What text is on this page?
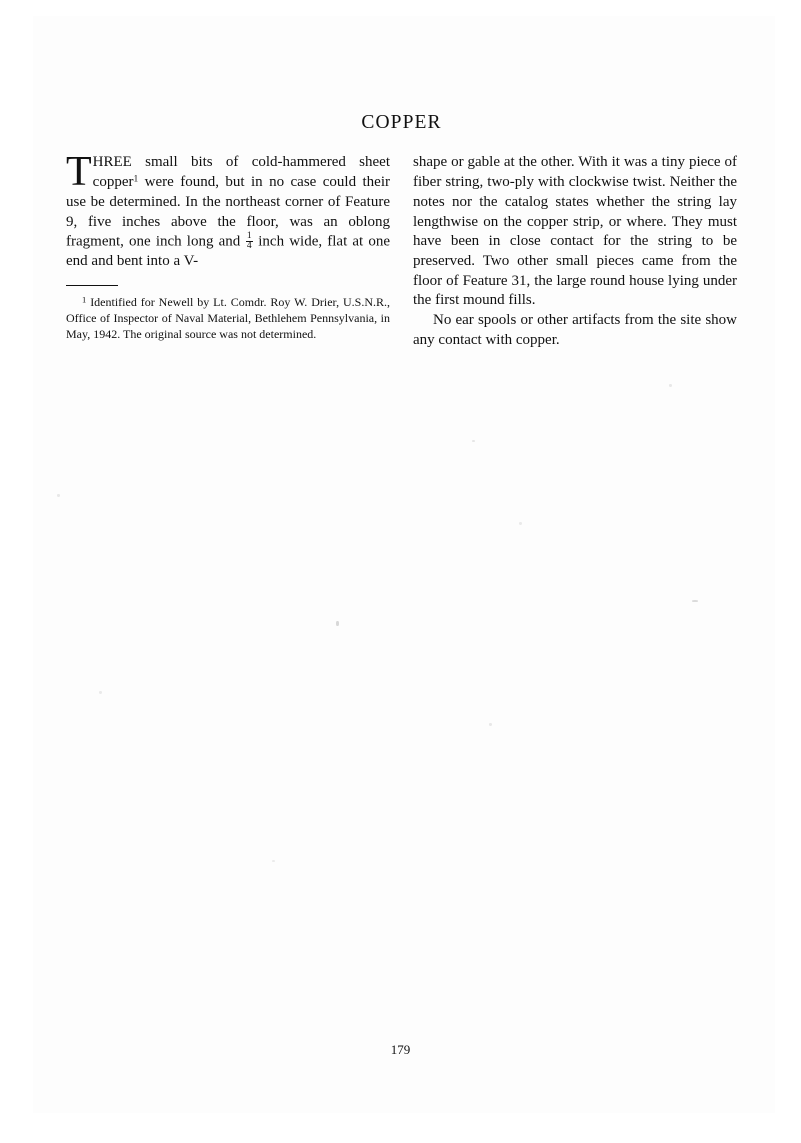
COPPER

THREE small bits of cold-hammered sheet copper$^1$ were found, but in no case could their use be determined. In the northeast corner of Feature 9, five inches above the floor, was an oblong fragment, one inch long and $\frac{1}{4}$ inch wide, flat at one end and bent into a V-

$^1$ Identified for Newell by Lt. Comdr. Roy W. Drier, U.S.N.R., Office of Inspector of Naval Material, Bethlehem Pennsylvania, in May, 1942. The original source was not determined.

shape or gable at the other. With it was a tiny piece of fiber string, two-ply with clockwise twist. Neither the notes nor the catalog states whether the string lay lengthwise on the copper strip, or where. They must have been in close contact for the string to be preserved. Two other small pieces came from the floor of Feature 31, the large round house lying under the first mound fills.

No ear spools or other artifacts from the site show any contact with copper.

179
